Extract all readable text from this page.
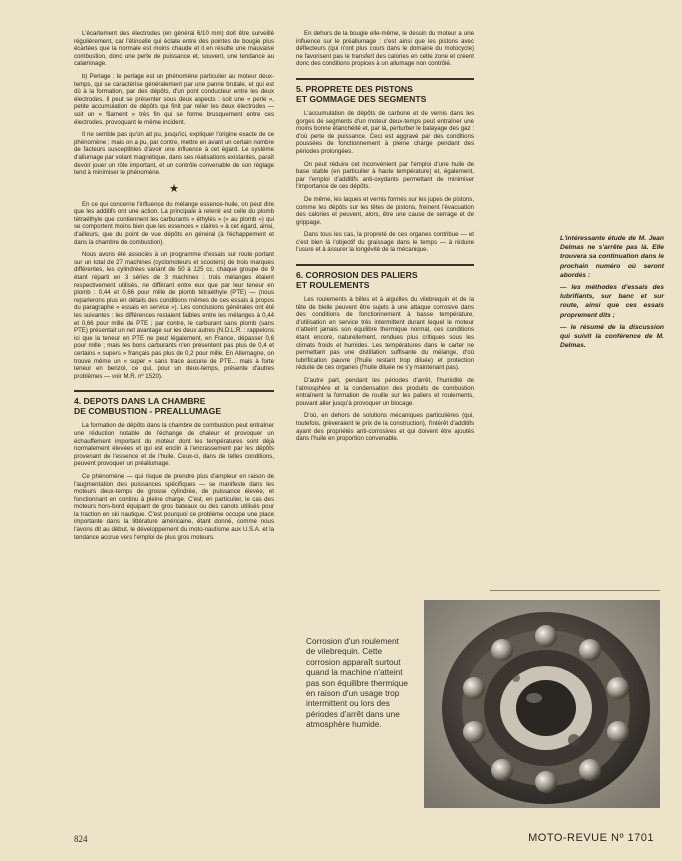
L'écartement des électrodes (en général 6/10 mm) doit être surveillé régulièrement, car l'étincelle qui éclate entre des pointes de bougie plus écartées que la normale est moins chaude et il en résulte une mauvaise combustion, donc une perte de puissance et, souvent, une tendance au calaminage.

b) Perlage : le perlage est un phénomène particulier au moteur deux-temps, qui se caractérise généralement par une panne brutale, et qui est dû à la formation, par des dépôts, d'un pont conducteur entre les deux électrodes. Il peut se présenter sous deux aspects : soit une « perle », petite accumulation de dépôts qui finit par relier les deux électrodes — soit un « filament » très fin qui se forme brusquement entre ces électrodes, provoquant le même incident.

Il ne semble pas qu'on ait pu, jusqu'ici, expliquer l'origine exacte de ce phénomène ; mais on a pu, par contre, mettre en avant un certain nombre de facteurs susceptibles d'avoir une influence à cet égard. Le système d'allumage par volant magnétique, dans ses réalisations existantes, paraît devoir jouer un rôle important, et un contrôle convenable de son réglage tend à minimiser le phénomène.

★

En ce qui concerne l'influence du mélange essence-huile, on peut dire que les additifs ont une action. La principale à retenir est celle du plomb tétraéthyle que contiennent les carburants « éthylés » (« au plomb ») qui se comportent moins bien que les essences « claires » à cet égard, ainsi, d'ailleurs, que du point de vue dépôts en général (à l'échappement et dans la chambre de combustion).

Nous avons été associés à un programme d'essais sur route portant sur un total de 27 machines (cyclomoteurs et scooters) de trois marques différentes, les cylindrées variant de 50 à 125 cc, chaque groupe de 9 étant réparti en 3 séries de 3 machines : trois mélanges étaient respectivement utilisés, ne différant entre eux que par leur teneur en plomb : 0,44 et 0,66 pour mille de plomb tétraéthyle (PTE) — (nous reparlerons plus en détails des conditions mêmes de ces essais à propos du paragraphe « essais en service »). Les conclusions générales ont été les suivantes : les différences restaient faibles entre les mélanges à 0,44 et 0,66 pour mille de PTE ; par contre, le carburant sans plomb (sans PTE) présentait un net avantage sur les deux autres (N.D.L.R. : rappelons ici que la teneur en PTE ne peut légalement, en France, dépasser 0,6 pour mille ; mais les bons carburants n'en présentent pas plus de 0,4 et certains « supers » français pas plus de 0,2 pour mille. En Allemagne, on trouve même un « super » sans trace aucune de PTE... mais à forte teneur en benzol, ce qui, pour un deux-temps, présente d'autres problèmes — voir M.R. nº 1520).

4. DEPOTS DANS LA CHAMBRE
DE COMBUSTION - PREALLUMAGE

La formation de dépôts dans la chambre de combustion peut entraîner une réduction notable de l'échange de chaleur et provoquer un échauffement important du moteur dont les températures sont déjà normalement élevées et qui est enclin à l'encrassement par les dépôts provenant de l'essence et de l'huile. Ceux-ci, dans de telles conditions, peuvent provoquer un préallumage.

Ce phénomène — qui risque de prendre plus d'ampleur en raison de l'augmentation des puissances spécifiques — se manifeste dans les moteurs deux-temps de grosse cylindrée, de puissance élevée, et fonctionnant en continu à pleine charge. C'est, en particulier, le cas des moteurs hors-bord équipant de gros bateaux ou des canots utilisés pour la traction en ski nautique. C'est pourquoi ce problème occupe une place importante dans la littérature américaine, étant donné, comme nous l'avons dit au début, le développement du moto-nautisme aux U.S.A. et la tendance accrue vers l'emploi de plus gros moteurs.

En dehors de la bougie elle-même, le dessin du moteur a une influence sur le préallumage : c'est ainsi que les pistons avec déflecteurs (qui n'ont plus cours dans le domaine du motocycle) ne favorisent pas le transfert des calories en cette zone et créent donc des conditions propices à un allumage non contrôlé.

5. PROPRETE DES PISTONS
ET GOMMAGE DES SEGMENTS

L'accumulation de dépôts de carbone et de vernis dans les gorges de segments d'un moteur deux-temps peut entraîner une moins bonne étanchéité et, par là, perturber le balayage des gaz : d'où perte de puissance. Ceci est aggravé par des conditions poussées de fonctionnement à pleine charge pendant des périodes prolongées.

On peut réduire cet inconvénient par l'emploi d'une huile de base stable (en particulier à haute température) et, également, par l'emploi d'additifs anti-oxydants permettant de minimiser l'importance de ces dépôts.

De même, les laques et vernis formés sur les jupes de pistons, comme les dépôts sur les têtes de pistons, freinent l'évacuation des calories et peuvent, alors, être une cause de serrage et de grippage.

Dans tous les cas, la propreté de ces organes contribue — et c'est bien là l'objectif du graissage dans le temps — à réduire l'usure et à assurer la longévité de la mécanique.

6. CORROSION DES PALIERS
ET ROULEMENTS

Les roulements à billes et à aiguilles du vilebrequin et de la tête de bielle peuvent être sujets à une attaque corrosive dans des conditions de fonctionnement à basse température, d'utilisation en service très intermittent durant lequel le moteur n'atteint jamais son équilibre thermique normal, ces conditions étant encore, naturellement, rendues plus critiques sous les climats froids et humides. Les températures dans le carter ne permettant pas une distillation suffisante du mélange, d'où lubrification pauvre (l'huile restant trop diluée) et protection réduite de ces organes (l'huile diluée ne s'y maintenant pas).

D'autre part, pendant les périodes d'arrêt, l'humidité de l'atmosphère et la condensation des produits de combustion entraînent la formation de rouille sur les paliers et roulements, pouvant aller jusqu'à provoquer un blocage.

D'où, en dehors de solutions mécaniques particulières (qui, toutefois, grèveraient le prix de la construction), l'intérêt d'additifs ayant des propriétés anti-corrosives et qui doivent être ajoutés dans l'huile en proportion convenable.

L'intéressante étude de M. Jean Delmas ne s'arrête pas là. Elle trouvera sa continuation dans le prochain numéro où seront abordés :

— les méthodes d'essais des lubrifiants, sur banc et sur route, ainsi que ces essais proprement dits ;

— le résumé de la discussion qui suivit la conférence de M. Delmas.

Corrosion d'un roulement de vilebrequin. Cette corrosion apparaît surtout quand la machine n'atteint pas son équilibre thermique en raison d'un usage trop intermittent ou lors des périodes d'arrêt dans une atmosphère humide.
824	MOTO-REVUE Nº 1701
